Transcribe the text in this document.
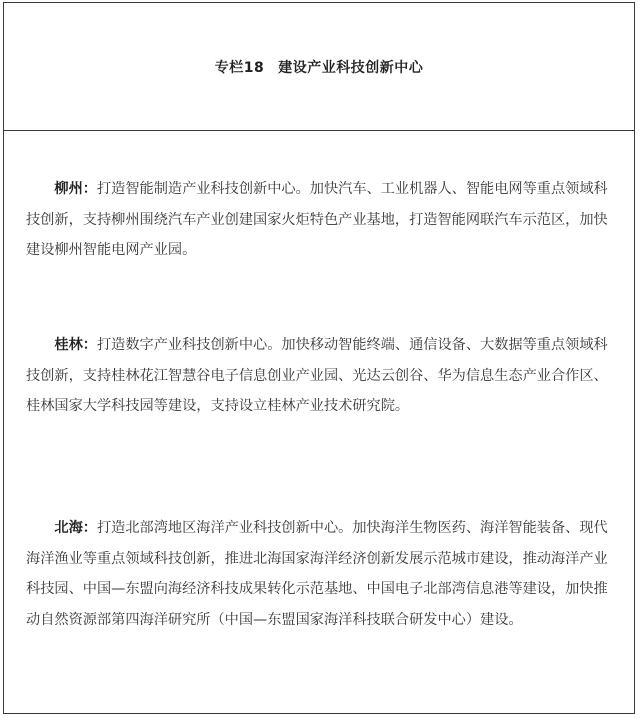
专栏18 建设产业科技创新中心

柳州：打造智能制造产业科技创新中心。加快汽车、工业机器人、智能电网等重点领域科技创新，支持柳州围绕汽车产业创建国家火炬特色产业基地，打造智能网联汽车示范区，加快建设柳州智能电网产业园。

桂林：打造数字产业科技创新中心。加快移动智能终端、通信设备、大数据等重点领域科技创新，支持桂林花江智慧谷电子信息创业产业园、光达云创谷、华为信息生态产业合作区、桂林国家大学科技园等建设，支持设立桂林产业技术研究院。

北海：打造北部湾地区海洋产业科技创新中心。加快海洋生物医药、海洋智能装备、现代海洋渔业等重点领域科技创新，推进北海国家海洋经济创新发展示范城市建设，推动海洋产业科技园、中国—东盟向海经济科技成果转化示范基地、中国电子北部湾信息港等建设，加快推动自然资源部第四海洋研究所（中国—东盟国家海洋科技联合研发中心）建设。
